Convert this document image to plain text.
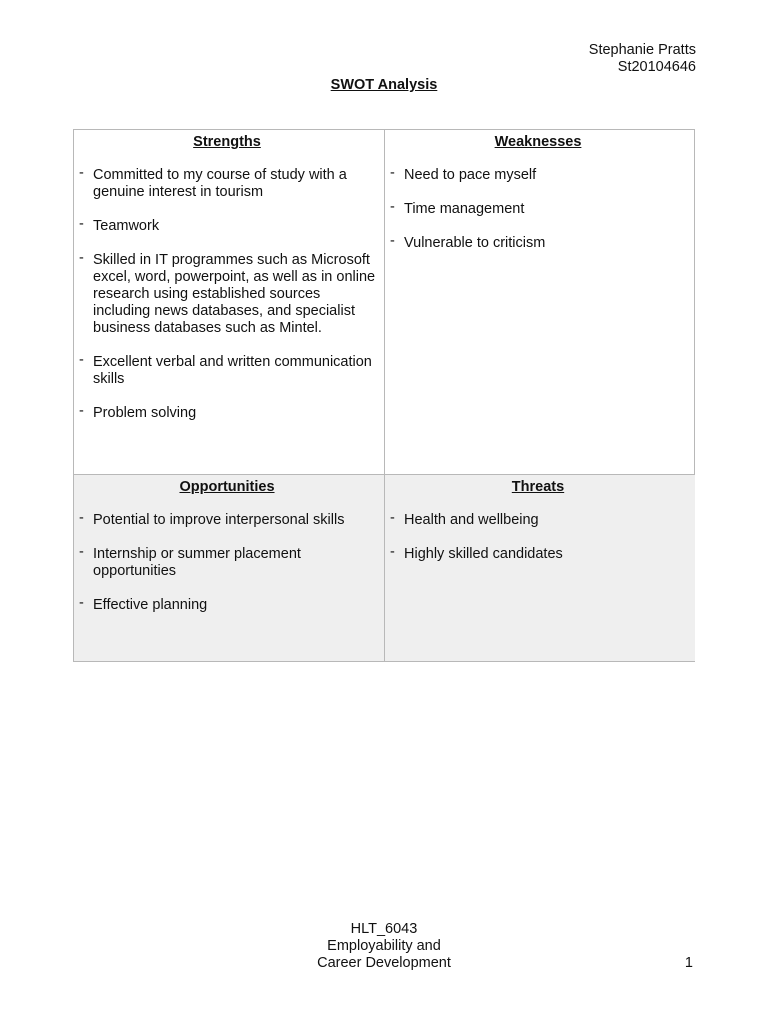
Stephanie Pratts
St20104646
SWOT Analysis
Strengths
- Committed to my course of study with a genuine interest in tourism
- Teamwork
- Skilled in IT programmes such as Microsoft excel, word, powerpoint, as well as in online research using established sources including news databases, and specialist business databases such as Mintel.
- Excellent verbal and written communication skills
- Problem solving
Weaknesses
- Need to pace myself
- Time management
- Vulnerable to criticism
Opportunities
- Potential to improve interpersonal skills
- Internship or summer placement opportunities
- Effective planning
Threats
- Health and wellbeing
- Highly skilled candidates
HLT_6043
Employability and
Career Development	1
